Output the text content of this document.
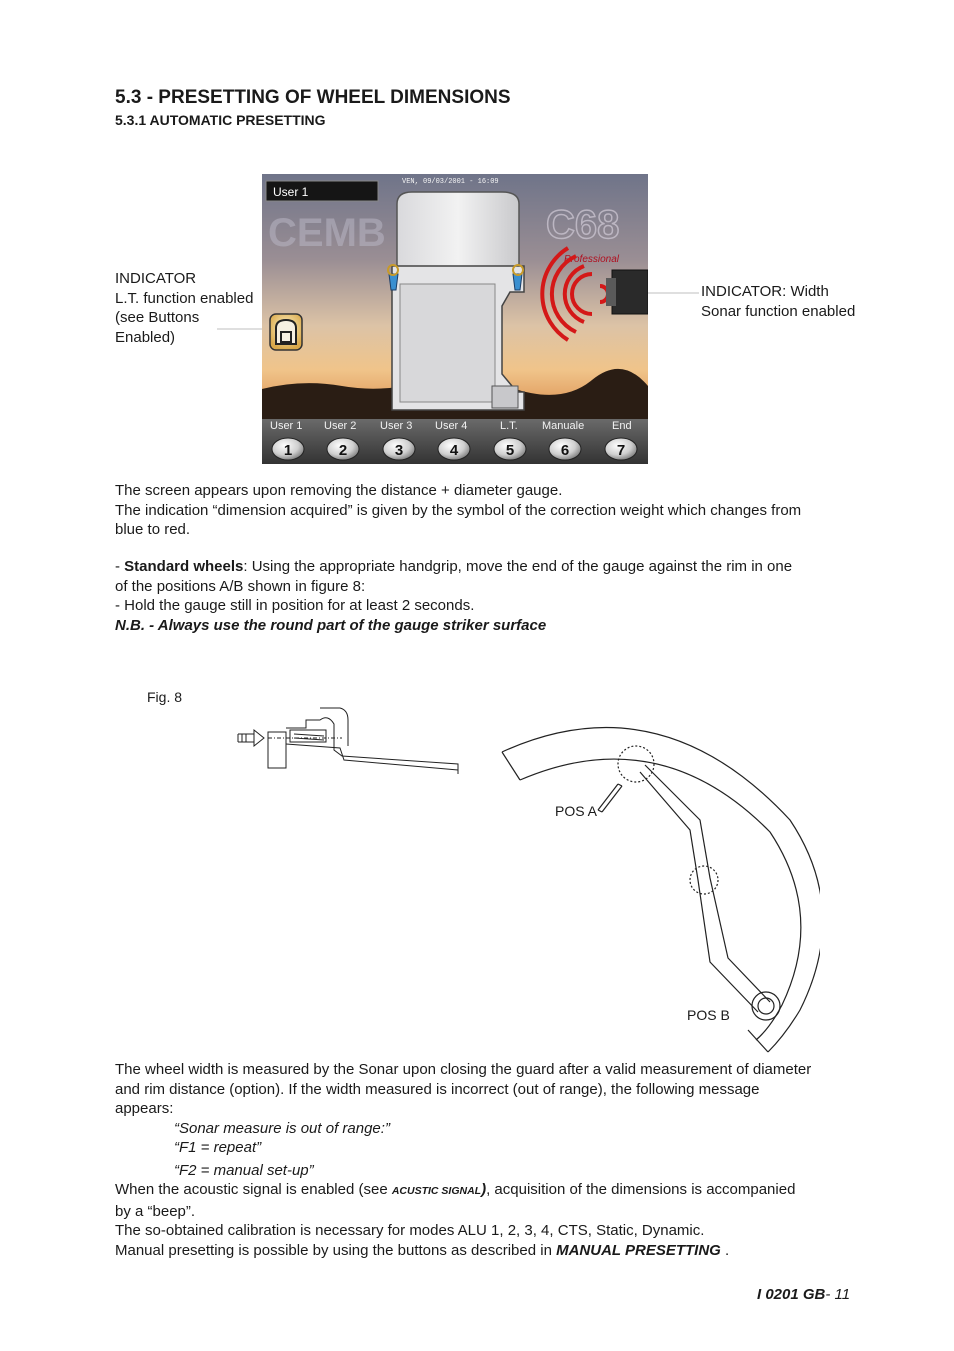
5.3 - PRESETTING OF WHEEL DIMENSIONS
5.3.1 AUTOMATIC PRESETTING
INDICATOR
L.T. function enabled
(see Buttons
Enabled)
INDICATOR: Width
Sonar function enabled
CEMB	C68
Professional
User 1
VEN, 09/03/2001 - 16:09
User 1 User 2 User 3 User 4	L.T. Manuale	End
1	2	3	4	5	6	7
The screen appears upon removing the distance + diameter gauge.
The indication “dimension acquired” is given by the symbol of the correction weight which changes from
blue to red.
- Standard wheels: Using the appropriate handgrip, move the end of the gauge against the rim in one
of the positions A/B shown in figure 8:
- Hold the gauge still in position for at least 2 seconds.
N.B. - Always use the round part of the gauge striker surface
Fig. 8
POS A
POS B
The wheel width is measured by the Sonar upon closing the guard after a valid measurement of diameter
and rim distance (option). If the width measured is incorrect (out of range), the following message
appears:
“Sonar measure is out of range:”
“F1 = repeat”
“F2 = manual set-up”
When the acoustic signal is enabled (see ACUSTIC SIGNAL), acquisition of the dimensions is accompanied
by a “beep”.
The so-obtained calibration is necessary for modes ALU 1, 2, 3, 4, CTS, Static, Dynamic.
Manual presetting is possible by using the buttons as described in MANUAL PRESETTING .
I 0201 GB- 11
